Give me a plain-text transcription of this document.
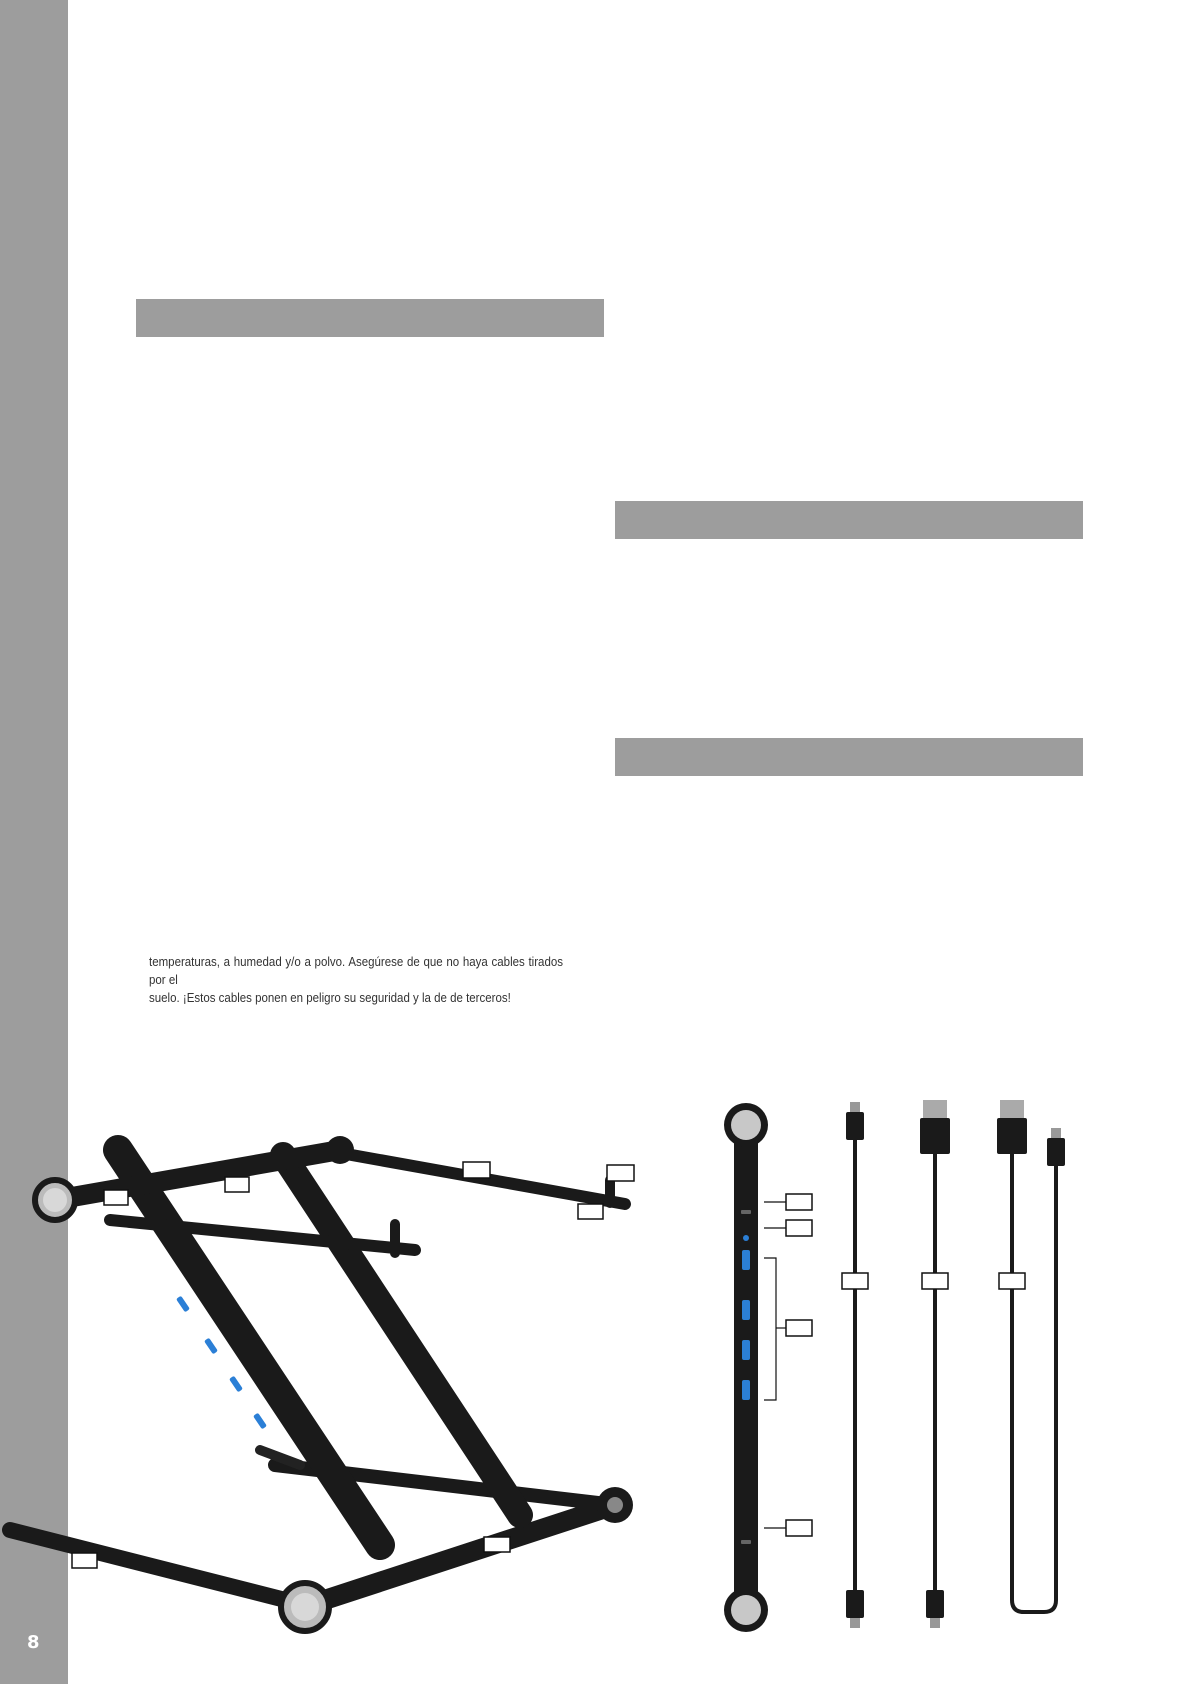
8
temperaturas, a humedad y/o a polvo. Asegúrese de que no haya cables tirados por el
suelo. ¡Estos cables ponen en peligro su seguridad y la de de terceros!
